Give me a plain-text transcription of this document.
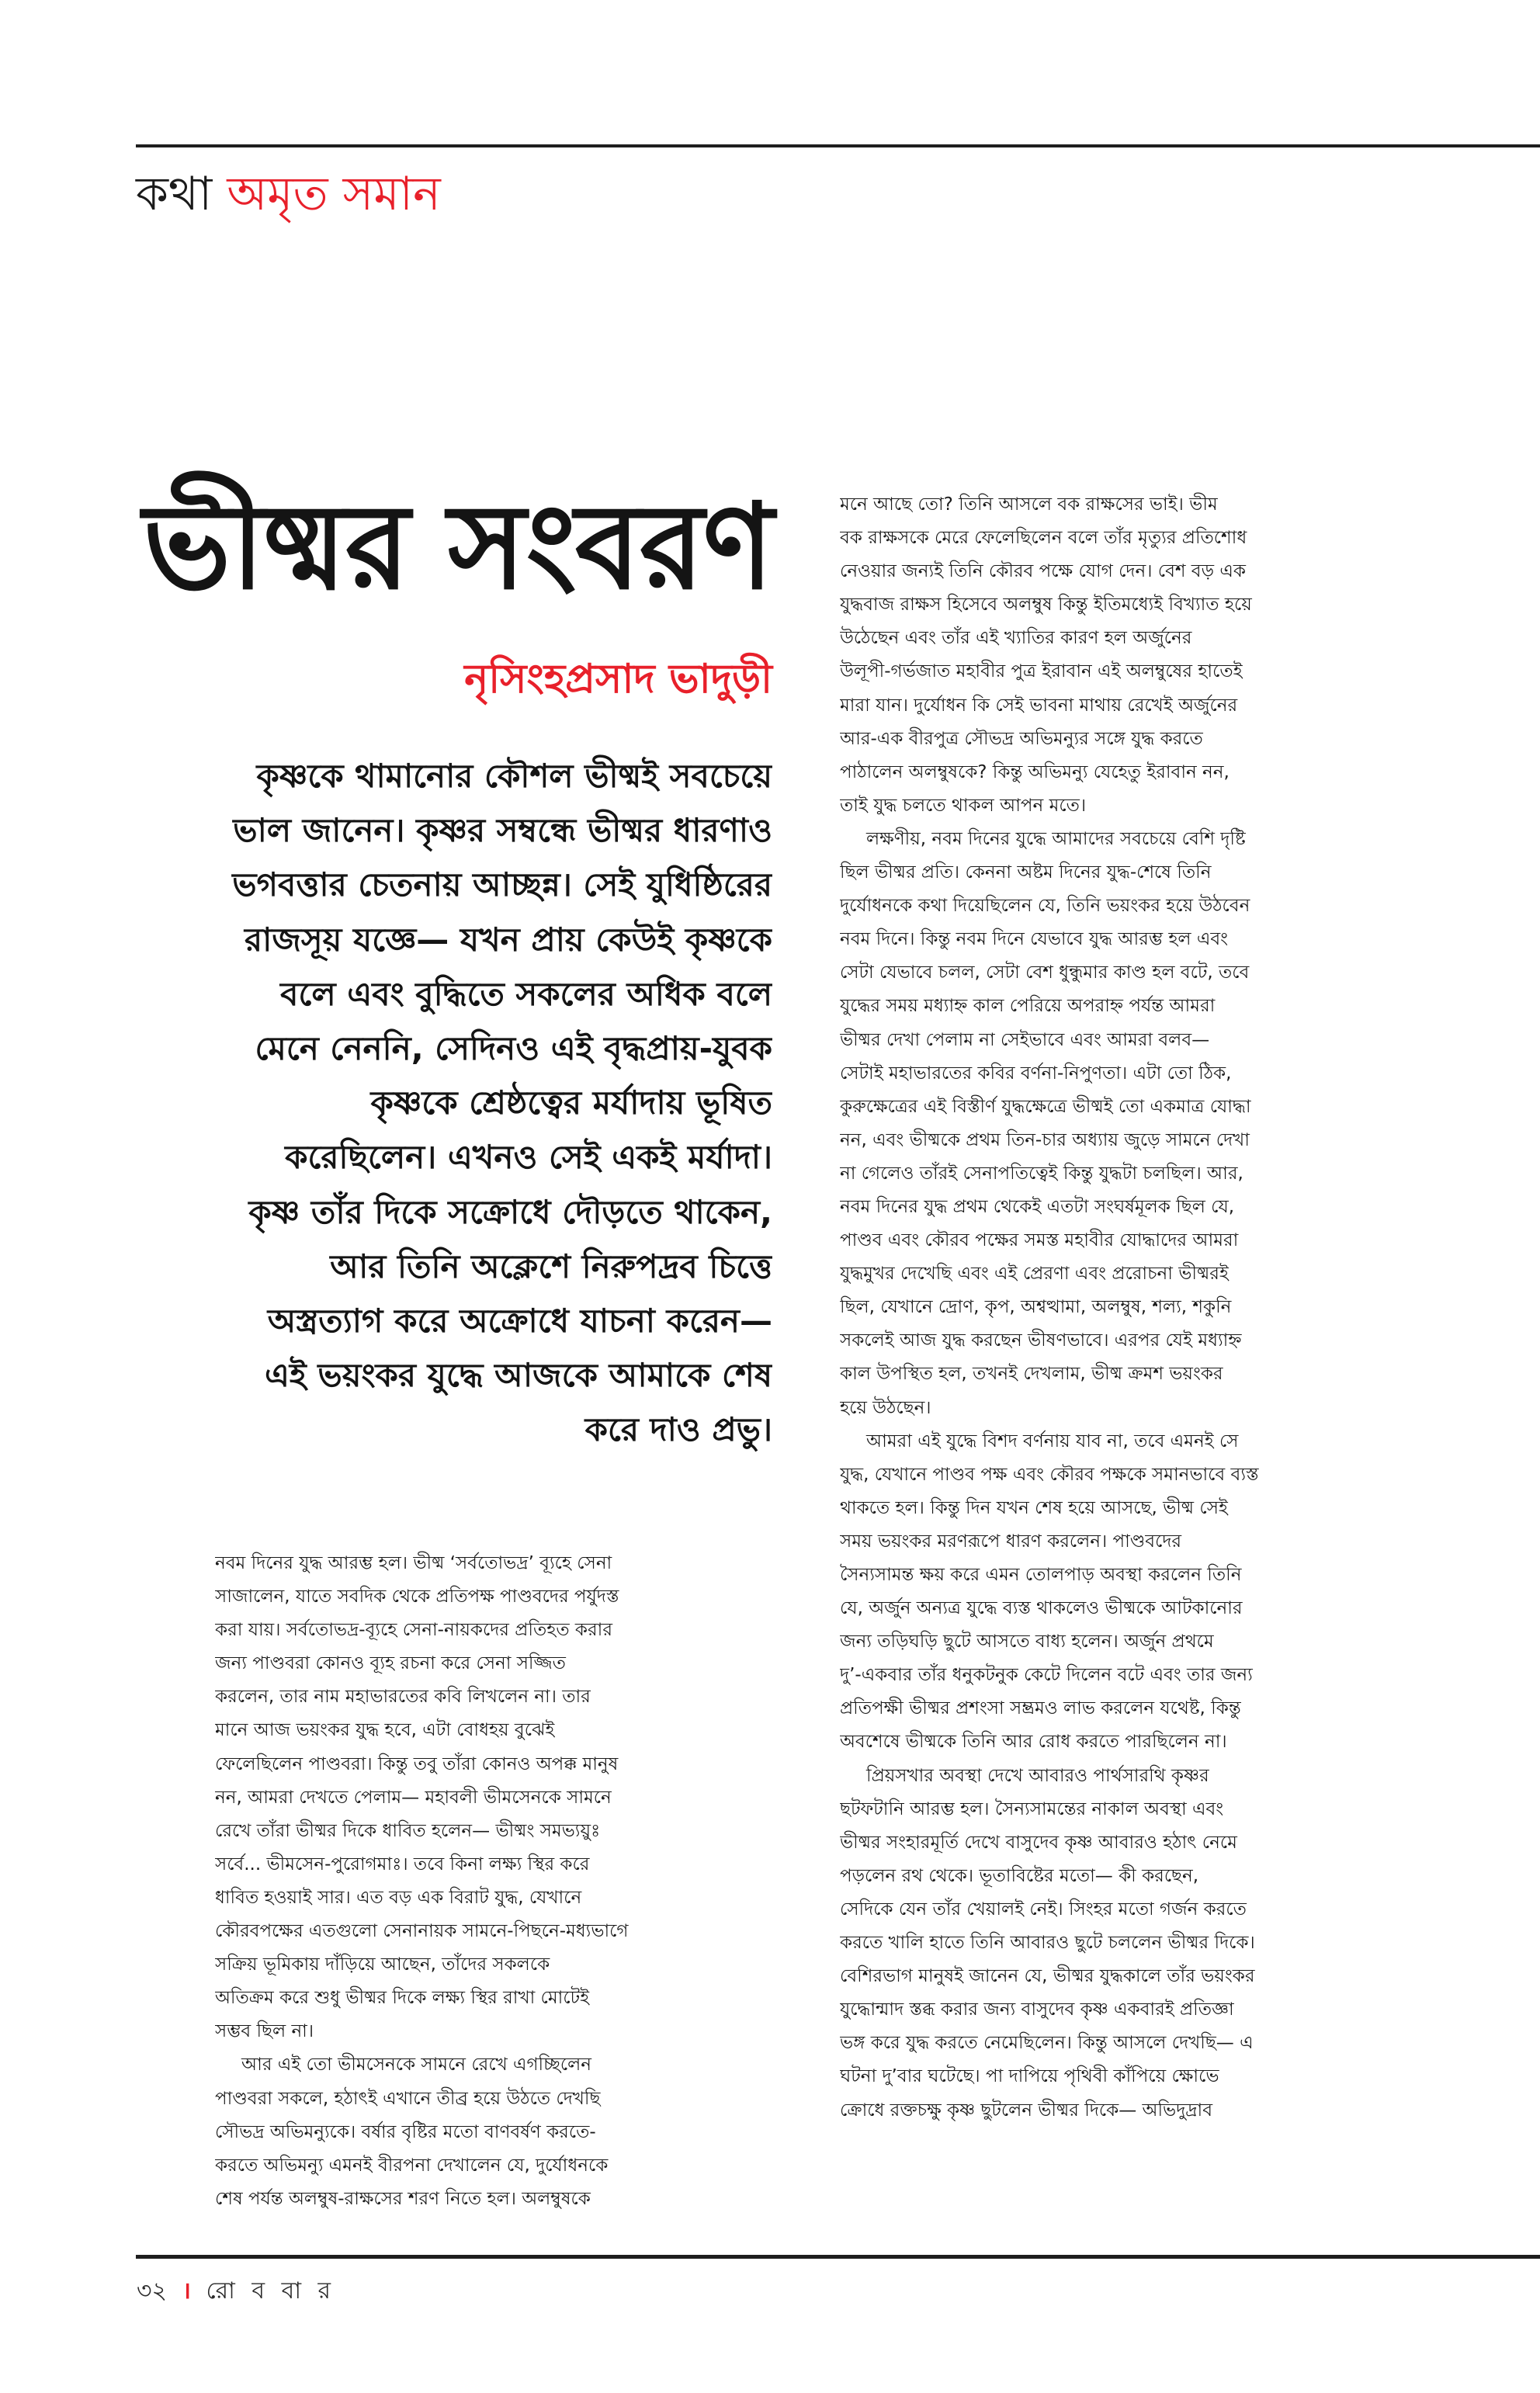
কথা অমৃত সমান
ভীষ্মর সংবরণ
নৃসিংহপ্রসাদ ভাদুড়ী
কৃষ্ণকে থামানোর কৌশল ভীষ্মই সবচেয়ে
ভাল জানেন। কৃষ্ণর সম্বন্ধে ভীষ্মর ধারণাও
ভগবত্তার চেতনায় আচ্ছন্ন। সেই যুধিষ্ঠিরের
রাজসূয় যজ্ঞে— যখন প্রায় কেউই কৃষ্ণকে
বলে এবং বুদ্ধিতে সকলের অধিক বলে
মেনে নেননি, সেদিনও এই বৃদ্ধপ্রায়-যুবক
কৃষ্ণকে শ্রেষ্ঠত্বের মর্যাদায় ভূষিত
করেছিলেন। এখনও সেই একই মর্যাদা।
কৃষ্ণ তাঁর দিকে সক্রোধে দৌড়তে থাকেন,
আর তিনি অক্লেশে নিরুপদ্রব চিত্তে
অস্ত্রত্যাগ করে অক্রোধে যাচনা করেন—
এই ভয়ংকর যুদ্ধে আজকে আমাকে শেষ
করে দাও প্রভু।
নবম দিনের যুদ্ধ আরম্ভ হল। ভীষ্ম ‘সর্বতোভদ্র’ ব্যূহে সেনা
সাজালেন, যাতে সবদিক থেকে প্রতিপক্ষ পাণ্ডবদের পর্যুদস্ত
করা যায়। সর্বতোভদ্র-ব্যূহে সেনা-নায়কদের প্রতিহত করার
জন্য পাণ্ডবরা কোনও ব্যূহ রচনা করে সেনা সজ্জিত
করলেন, তার নাম মহাভারতের কবি লিখলেন না। তার
মানে আজ ভয়ংকর যুদ্ধ হবে, এটা বোধহয় বুঝেই
ফেলেছিলেন পাণ্ডবরা। কিন্তু তবু তাঁরা কোনও অপক্ক মানুষ
নন, আমরা দেখতে পেলাম— মহাবলী ভীমসেনকে সামনে
রেখে তাঁরা ভীষ্মর দিকে ধাবিত হলেন— ভীষ্মং সমভ্যয়ুঃ
সর্বে... ভীমসেন-পুরোগমাঃ। তবে কিনা লক্ষ্য স্থির করে
ধাবিত হওয়াই সার। এত বড় এক বিরাট যুদ্ধ, যেখানে
কৌরবপক্ষের এতগুলো সেনানায়ক সামনে-পিছনে-মধ্যভাগে
সক্রিয় ভূমিকায় দাঁড়িয়ে আছেন, তাঁদের সকলকে
অতিক্রম করে শুধু ভীষ্মর দিকে লক্ষ্য স্থির রাখা মোটেই
সম্ভব ছিল না।
আর এই তো ভীমসেনকে সামনে রেখে এগচ্ছিলেন
পাণ্ডবরা সকলে, হঠাৎই এখানে তীব্র হয়ে উঠতে দেখছি
সৌভদ্র অভিমন্যুকে। বর্ষার বৃষ্টির মতো বাণবর্ষণ করতে-
করতে অভিমন্যু এমনই বীরপনা দেখালেন যে, দুর্যোধনকে
শেষ পর্যন্ত অলম্বুষ-রাক্ষসের শরণ নিতে হল। অলম্বুষকে
মনে আছে তো? তিনি আসলে বক রাক্ষসের ভাই। ভীম
বক রাক্ষসকে মেরে ফেলেছিলেন বলে তাঁর মৃত্যুর প্রতিশোধ
নেওয়ার জন্যই তিনি কৌরব পক্ষে যোগ দেন। বেশ বড় এক
যুদ্ধবাজ রাক্ষস হিসেবে অলম্বুষ কিন্তু ইতিমধ্যেই বিখ্যাত হয়ে
উঠেছেন এবং তাঁর এই খ্যাতির কারণ হল অর্জুনের
উলূপী-গর্ভজাত মহাবীর পুত্র ইরাবান এই অলম্বুষের হাতেই
মারা যান। দুর্যোধন কি সেই ভাবনা মাথায় রেখেই অর্জুনের
আর-এক বীরপুত্র সৌভদ্র অভিমন্যুর সঙ্গে যুদ্ধ করতে
পাঠালেন অলম্বুষকে? কিন্তু অভিমন্যু যেহেতু ইরাবান নন,
তাই যুদ্ধ চলতে থাকল আপন মতে।
লক্ষণীয়, নবম দিনের যুদ্ধে আমাদের সবচেয়ে বেশি দৃষ্টি
ছিল ভীষ্মর প্রতি। কেননা অষ্টম দিনের যুদ্ধ-শেষে তিনি
দুর্যোধনকে কথা দিয়েছিলেন যে, তিনি ভয়ংকর হয়ে উঠবেন
নবম দিনে। কিন্তু নবম দিনে যেভাবে যুদ্ধ আরম্ভ হল এবং
সেটা যেভাবে চলল, সেটা বেশ ধুন্ধুমার কাণ্ড হল বটে, তবে
যুদ্ধের সময় মধ্যাহ্ন কাল পেরিয়ে অপরাহ্ন পর্যন্ত আমরা
ভীষ্মর দেখা পেলাম না সেইভাবে এবং আমরা বলব—
সেটাই মহাভারতের কবির বর্ণনা-নিপুণতা। এটা তো ঠিক,
কুরুক্ষেত্রের এই বিস্তীর্ণ যুদ্ধক্ষেত্রে ভীষ্মই তো একমাত্র যোদ্ধা
নন, এবং ভীষ্মকে প্রথম তিন-চার অধ্যায় জুড়ে সামনে দেখা
না গেলেও তাঁরই সেনাপতিত্বেই কিন্তু যুদ্ধটা চলছিল। আর,
নবম দিনের যুদ্ধ প্রথম থেকেই এতটা সংঘর্ষমূলক ছিল যে,
পাণ্ডব এবং কৌরব পক্ষের সমস্ত মহাবীর যোদ্ধাদের আমরা
যুদ্ধমুখর দেখেছি এবং এই প্রেরণা এবং প্ররোচনা ভীষ্মরই
ছিল, যেখানে দ্রোণ, কৃপ, অশ্বত্থামা, অলম্বুষ, শল্য, শকুনি
সকলেই আজ যুদ্ধ করছেন ভীষণভাবে। এরপর যেই মধ্যাহ্ন
কাল উপস্থিত হল, তখনই দেখলাম, ভীষ্ম ক্রমশ ভয়ংকর
হয়ে উঠছেন।
আমরা এই যুদ্ধে বিশদ বর্ণনায় যাব না, তবে এমনই সে
যুদ্ধ, যেখানে পাণ্ডব পক্ষ এবং কৌরব পক্ষকে সমানভাবে ব্যস্ত
থাকতে হল। কিন্তু দিন যখন শেষ হয়ে আসছে, ভীষ্ম সেই
সময় ভয়ংকর মরণরূপে ধারণ করলেন। পাণ্ডবদের
সৈন্যসামন্ত ক্ষয় করে এমন তোলপাড় অবস্থা করলেন তিনি
যে, অর্জুন অন্যত্র যুদ্ধে ব্যস্ত থাকলেও ভীষ্মকে আটকানোর
জন্য তড়িঘড়ি ছুটে আসতে বাধ্য হলেন। অর্জুন প্রথমে
দু’-একবার তাঁর ধনুকটনুক কেটে দিলেন বটে এবং তার জন্য
প্রতিপক্ষী ভীষ্মর প্রশংসা সম্ভ্রমও লাভ করলেন যথেষ্ট, কিন্তু
অবশেষে ভীষ্মকে তিনি আর রোধ করতে পারছিলেন না।
প্রিয়সখার অবস্থা দেখে আবারও পার্থসারথি কৃষ্ণর
ছটফটানি আরম্ভ হল। সৈন্যসামন্তের নাকাল অবস্থা এবং
ভীষ্মর সংহারমূর্তি দেখে বাসুদেব কৃষ্ণ আবারও হঠাৎ নেমে
পড়লেন রথ থেকে। ভূতাবিষ্টের মতো— কী করছেন,
সেদিকে যেন তাঁর খেয়ালই নেই। সিংহর মতো গর্জন করতে
করতে খালি হাতে তিনি আবারও ছুটে চললেন ভীষ্মর দিকে।
বেশিরভাগ মানুষই জানেন যে, ভীষ্মর যুদ্ধকালে তাঁর ভয়ংকর
যুদ্ধোন্মাদ স্তব্ধ করার জন্য বাসুদেব কৃষ্ণ একবারই প্রতিজ্ঞা
ভঙ্গ করে যুদ্ধ করতে নেমেছিলেন। কিন্তু আসলে দেখছি— এ
ঘটনা দু’বার ঘটেছে। পা দাপিয়ে পৃথিবী কাঁপিয়ে ক্ষোভে
ক্রোধে রক্তচক্ষু কৃষ্ণ ছুটলেন ভীষ্মর দিকে— অভিদুদ্রাব
৩২ । রো ব বা র
